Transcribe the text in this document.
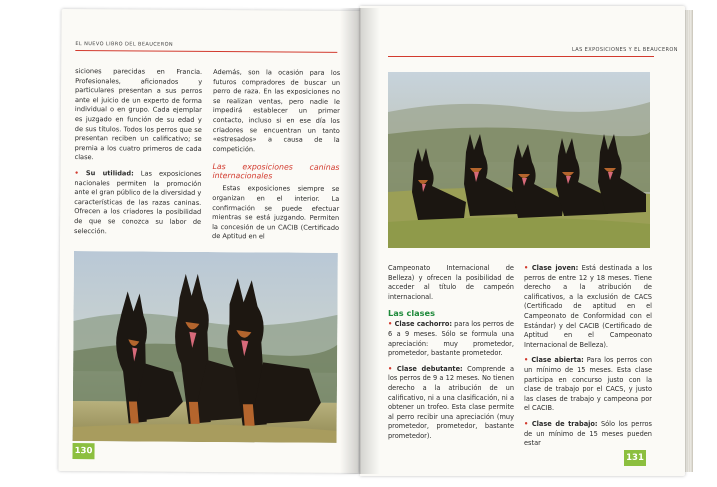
EL NUEVO LIBRO DEL BEAUCERON

siciones parecidas en Francia. Profesionales, aficionados y particulares presentan a sus perros ante el juicio de un experto de forma individual o en grupo. Cada ejemplar es juzgado en función de su edad y de sus títulos. Todos los perros que se presentan reciben un calificativo; se premia a los cuatro primeros de cada clase.

• Su utilidad: Las exposiciones nacionales permiten la promoción ante el gran público de la diversidad y características de las razas caninas. Ofrecen a los criadores la posibilidad de que se conozca su labor de selección.

Además, son la ocasión para los futuros compradores de buscar un perro de raza. En las exposiciones no se realizan ventas, pero nadie le impedirá establecer un primer contacto, incluso si en ese día los criadores se encuentran un tanto «estresados» a causa de la competición.

Las exposiciones caninas internacionales

Estas exposiciones siempre se organizan en el interior. La confirmación se puede efectuar mientras se está juzgando. Permiten la concesión de un CACIB (Certificado de Aptitud en el

130
LAS EXPOSICIONES Y EL BEAUCERON

Campeonato Internacional de Belleza) y ofrecen la posibilidad de acceder al título de campeón internacional.

Las clases

• Clase cachorro: para los perros de 6 a 9 meses. Sólo se formula una apreciación: muy prometedor, prometedor, bastante prometedor.

• Clase debutante: Comprende a los perros de 9 a 12 meses. No tienen derecho a la atribución de un calificativo, ni a una clasificación, ni a obtener un trofeo. Esta clase permite al perro recibir una apreciación (muy prometedor, prometedor, bastante prometedor).

• Clase joven: Está destinada a los perros de entre 12 y 18 meses. Tiene derecho a la atribución de calificativos, a la exclusión de CACS (Certificado de aptitud en el Campeonato de Conformidad con el Estándar) y del CACIB (Certificado de Aptitud en el Campeonato Internacional de Belleza).

• Clase abierta: Para los perros con un mínimo de 15 meses. Esta clase participa en concurso justo con la clase de trabajo por el CACS, y justo las clases de trabajo y campeona por el CACIB.

• Clase de trabajo: Sólo los perros de un mínimo de 15 meses pueden estar

131
